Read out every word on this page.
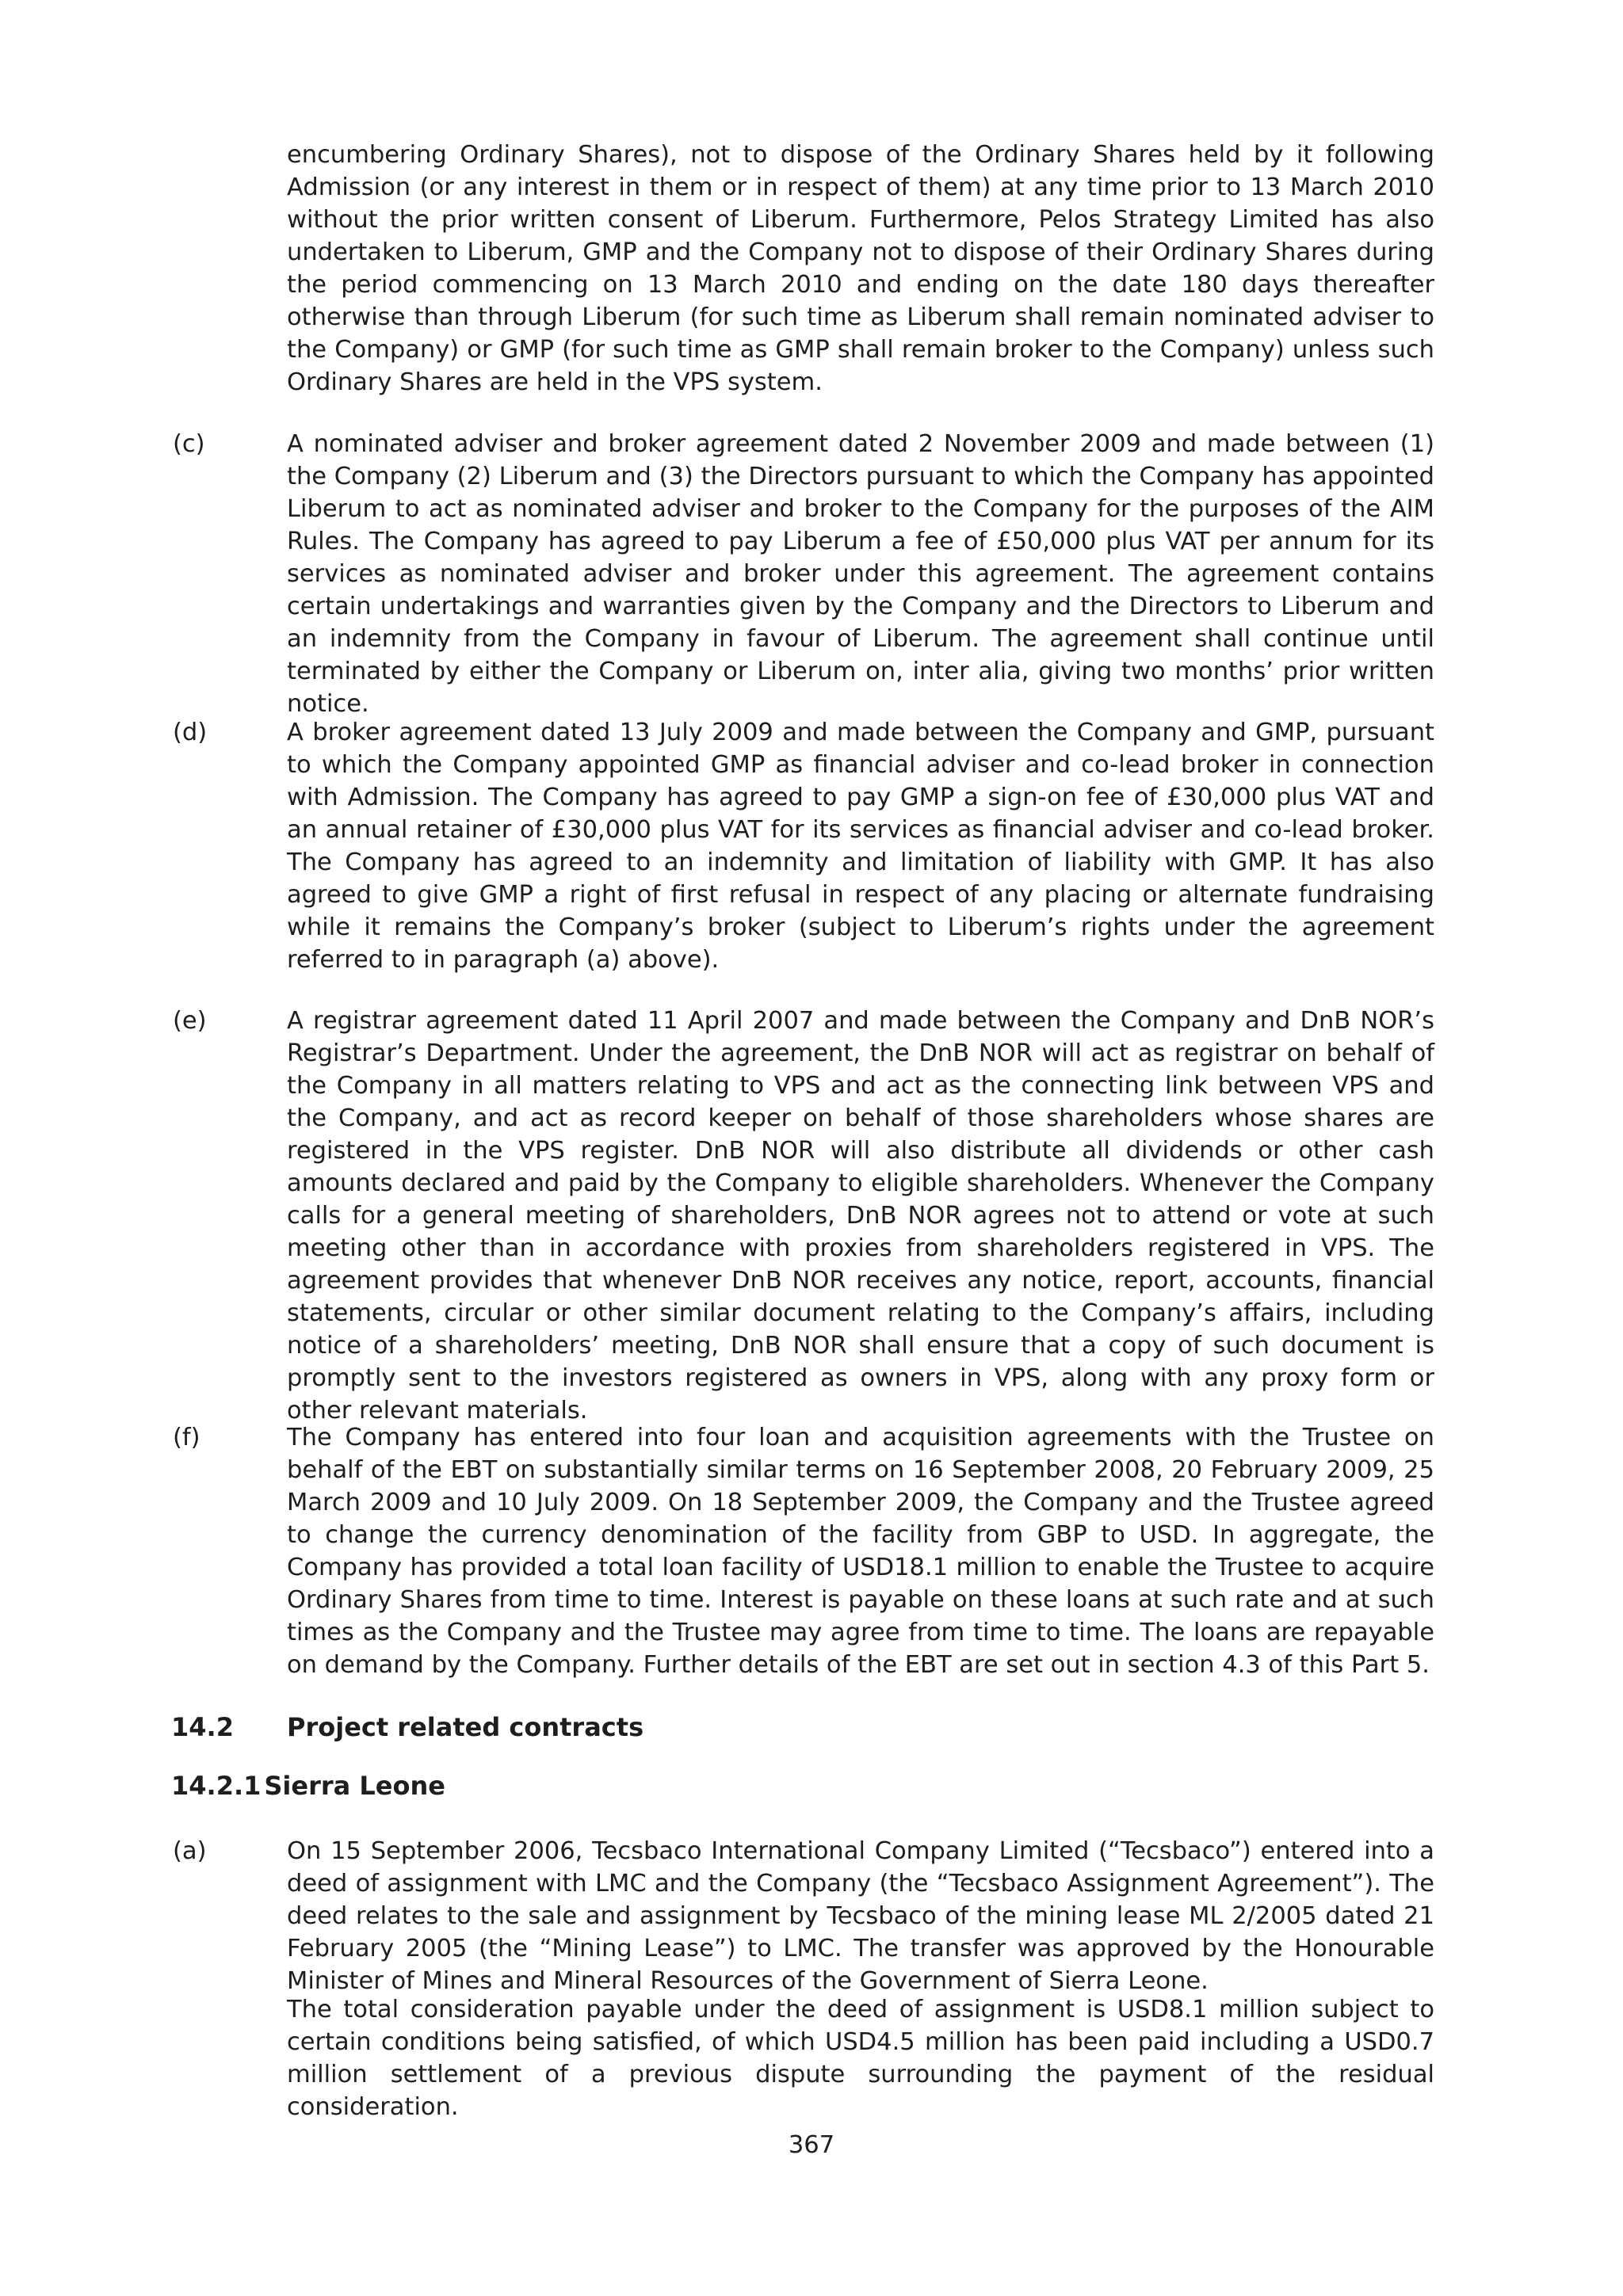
encumbering Ordinary Shares), not to dispose of the Ordinary Shares held by it following Admission (or any interest in them or in respect of them) at any time prior to 13 March 2010 without the prior written consent of Liberum. Furthermore, Pelos Strategy Limited has also undertaken to Liberum, GMP and the Company not to dispose of their Ordinary Shares during the period commencing on 13 March 2010 and ending on the date 180 days thereafter otherwise than through Liberum (for such time as Liberum shall remain nominated adviser to the Company) or GMP (for such time as GMP shall remain broker to the Company) unless such Ordinary Shares are held in the VPS system.

(c)	A nominated adviser and broker agreement dated 2 November 2009 and made between (1) the Company (2) Liberum and (3) the Directors pursuant to which the Company has appointed Liberum to act as nominated adviser and broker to the Company for the purposes of the AIM Rules. The Company has agreed to pay Liberum a fee of £50,000 plus VAT per annum for its services as nominated adviser and broker under this agreement. The agreement contains certain undertakings and warranties given by the Company and the Directors to Liberum and an indemnity from the Company in favour of Liberum. The agreement shall continue until terminated by either the Company or Liberum on, inter alia, giving two months’ prior written notice.

(d)	A broker agreement dated 13 July 2009 and made between the Company and GMP, pursuant to which the Company appointed GMP as financial adviser and co-lead broker in connection with Admission. The Company has agreed to pay GMP a sign-on fee of £30,000 plus VAT and an annual retainer of £30,000 plus VAT for its services as financial adviser and co-lead broker. The Company has agreed to an indemnity and limitation of liability with GMP. It has also agreed to give GMP a right of first refusal in respect of any placing or alternate fundraising while it remains the Company’s broker (subject to Liberum’s rights under the agreement referred to in paragraph (a) above).

(e)	A registrar agreement dated 11 April 2007 and made between the Company and DnB NOR’s Registrar’s Department. Under the agreement, the DnB NOR will act as registrar on behalf of the Company in all matters relating to VPS and act as the connecting link between VPS and the Company, and act as record keeper on behalf of those shareholders whose shares are registered in the VPS register. DnB NOR will also distribute all dividends or other cash amounts declared and paid by the Company to eligible shareholders. Whenever the Company calls for a general meeting of shareholders, DnB NOR agrees not to attend or vote at such meeting other than in accordance with proxies from shareholders registered in VPS. The agreement provides that whenever DnB NOR receives any notice, report, accounts, financial statements, circular or other similar document relating to the Company’s affairs, including notice of a shareholders’ meeting, DnB NOR shall ensure that a copy of such document is promptly sent to the investors registered as owners in VPS, along with any proxy form or other relevant materials.

(f)	The Company has entered into four loan and acquisition agreements with the Trustee on behalf of the EBT on substantially similar terms on 16 September 2008, 20 February 2009, 25 March 2009 and 10 July 2009. On 18 September 2009, the Company and the Trustee agreed to change the currency denomination of the facility from GBP to USD. In aggregate, the Company has provided a total loan facility of USD18.1 million to enable the Trustee to acquire Ordinary Shares from time to time. Interest is payable on these loans at such rate and at such times as the Company and the Trustee may agree from time to time. The loans are repayable on demand by the Company. Further details of the EBT are set out in section 4.3 of this Part 5.

14.2 Project related contracts
14.2.1 Sierra Leone

(a)	On 15 September 2006, Tecsbaco International Company Limited (“Tecsbaco”) entered into a deed of assignment with LMC and the Company (the “Tecsbaco Assignment Agreement”). The deed relates to the sale and assignment by Tecsbaco of the mining lease ML 2/2005 dated 21 February 2005 (the “Mining Lease”) to LMC. The transfer was approved by the Honourable Minister of Mines and Mineral Resources of the Government of Sierra Leone.

The total consideration payable under the deed of assignment is USD8.1 million subject to certain conditions being satisfied, of which USD4.5 million has been paid including a USD0.7 million settlement of a previous dispute surrounding the payment of the residual consideration.

367
